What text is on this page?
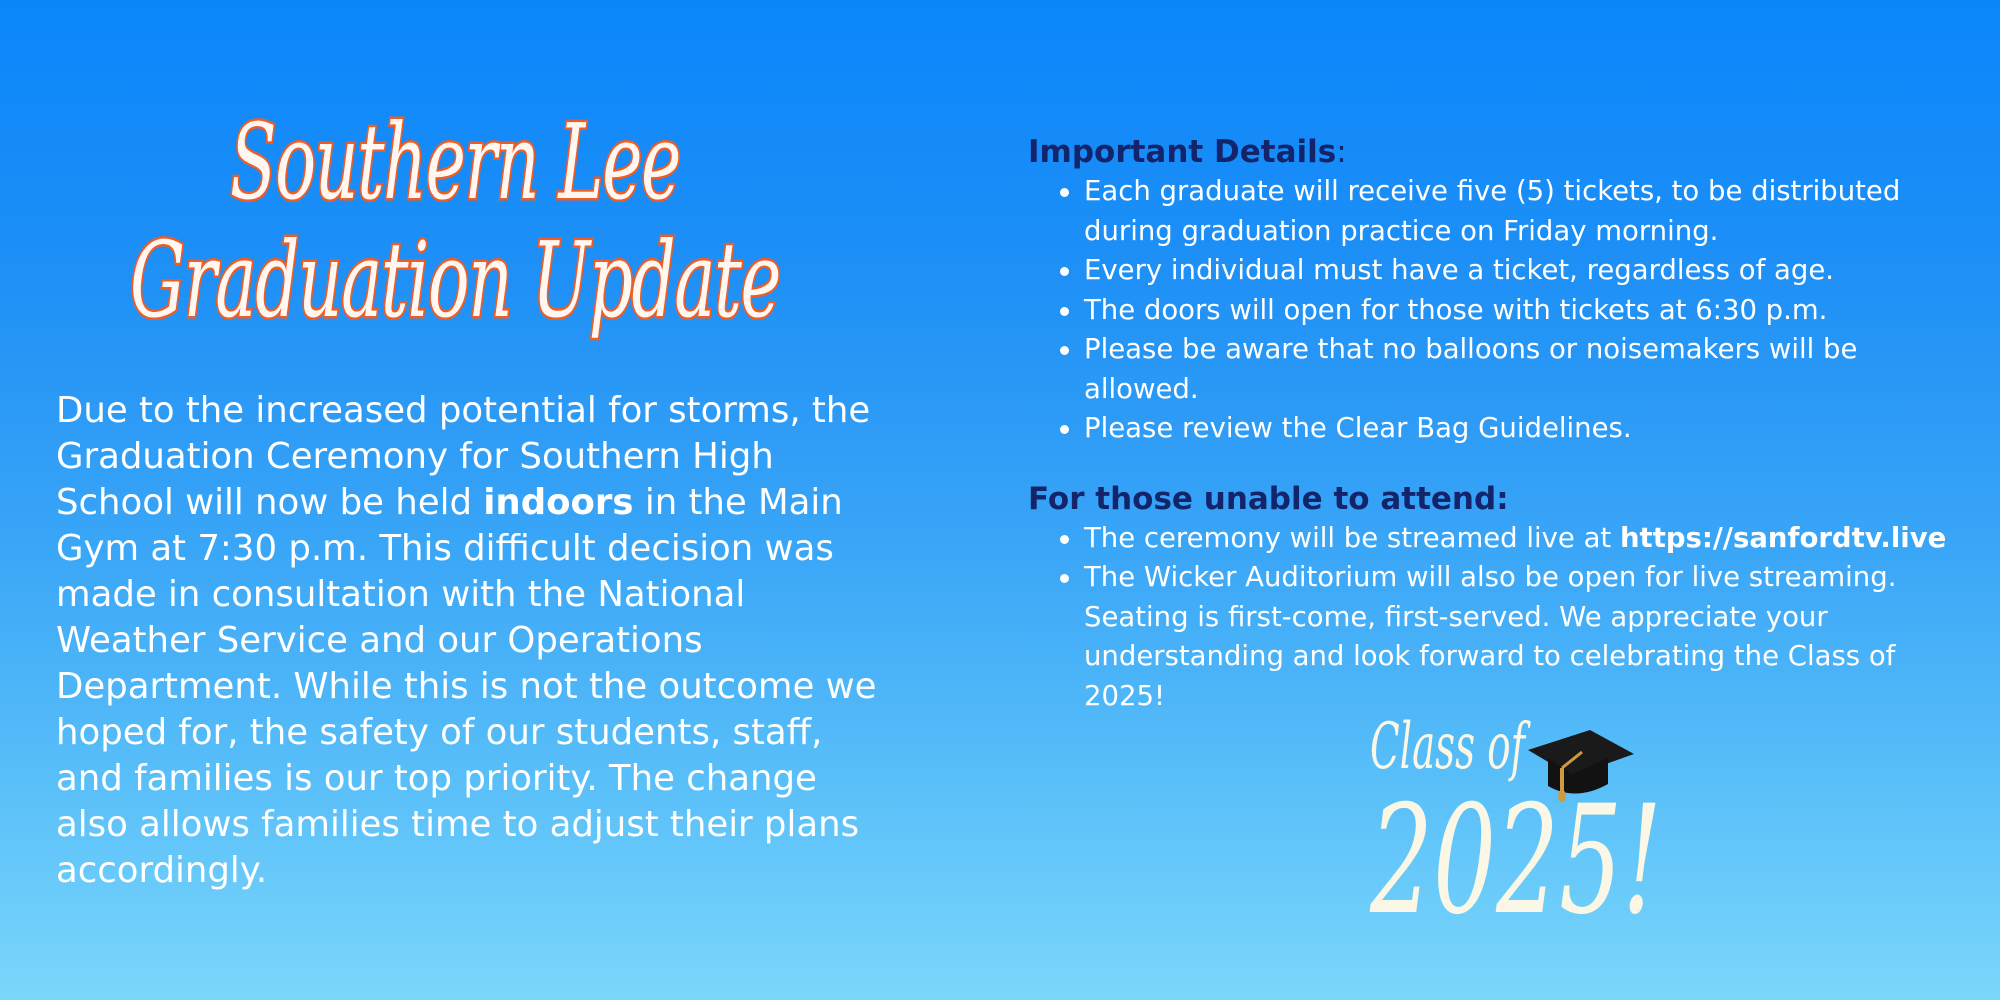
Southern Lee
Graduation Update

Due to the increased potential for storms, the Graduation Ceremony for Southern High School will now be held indoors in the Main Gym at 7:30 p.m. This difficult decision was made in consultation with the National Weather Service and our Operations Department. While this is not the outcome we hoped for, the safety of our students, staff, and families is our top priority. The change also allows families time to adjust their plans accordingly.

Important Details:
Each graduate will receive five (5) tickets, to be distributed during graduation practice on Friday morning.
Every individual must have a ticket, regardless of age.
The doors will open for those with tickets at 6:30 p.m.
Please be aware that no balloons or noisemakers will be allowed.
Please review the Clear Bag Guidelines.
For those unable to attend:
The ceremony will be streamed live at https://sanfordtv.live
The Wicker Auditorium will also be open for live streaming. Seating is first-come, first-served. We appreciate your understanding and look forward to celebrating the Class of 2025!
Class of
2025!
